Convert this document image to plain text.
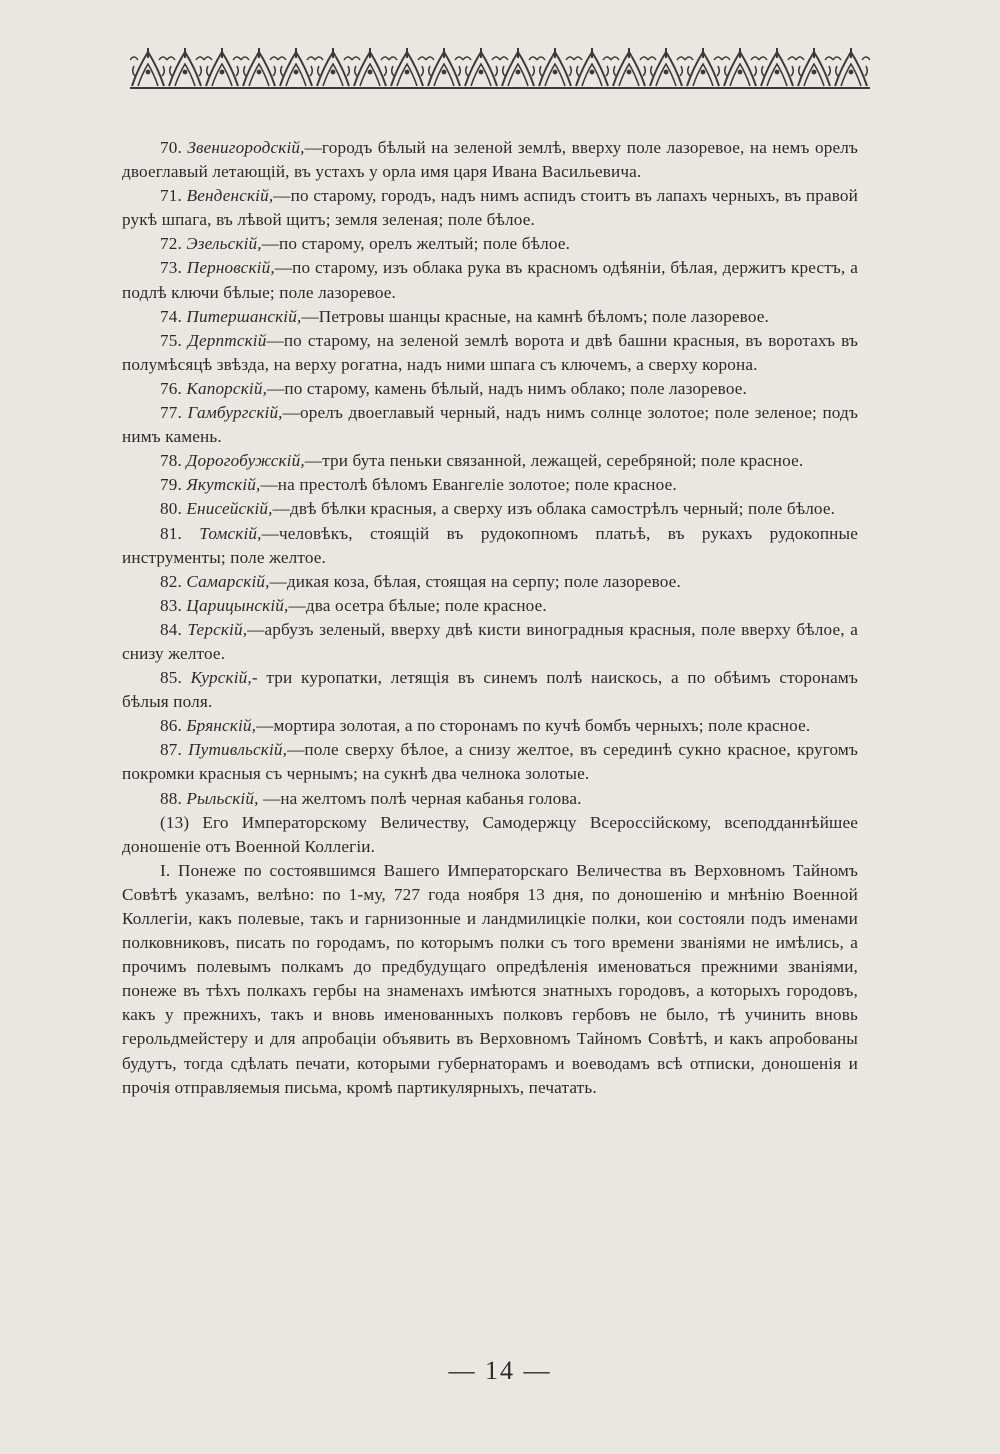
70. Звенигородскій,—городъ бѣлый на зеленой землѣ, вверху поле лазоревое, на немъ орелъ двоеглавый летающій, въ устахъ у орла имя царя Ивана Васильевича.

71. Венденскій,—по старому, городъ, надъ нимъ аспидъ стоитъ въ лапахъ черныхъ, въ правой рукѣ шпага, въ лѣвой щитъ; земля зеленая; поле бѣлое.

72. Эзельскій,—по старому, орелъ желтый; поле бѣлое.

73. Перновскій,—по старому, изъ облака рука въ красномъ одѣяніи, бѣлая, держитъ крестъ, а подлѣ ключи бѣлые; поле лазоревое.

74. Питершанскій,—Петровы шанцы красные, на камнѣ бѣломъ; поле лазоревое.

75. Дерптскій—по старому, на зеленой землѣ ворота и двѣ башни красныя, въ воротахъ въ полумѣсяцѣ звѣзда, на верху рогатна, надъ ними шпага съ ключемъ, а сверху корона.

76. Капорскій,—по старому, камень бѣлый, надъ нимъ облако; поле лазоревое.

77. Гамбургскій,—орелъ двоеглавый черный, надъ нимъ солнце золотое; поле зеленое; подъ нимъ камень.

78. Дорогобужскій,—три бута пеньки связанной, лежащей, серебряной; поле красное.

79. Якутскій,—на престолѣ бѣломъ Евангеліе золотое; поле красное.

80. Енисейскій,—двѣ бѣлки красныя, а сверху изъ облака самострѣлъ черный; поле бѣлое.

81. Томскій,—человѣкъ, стоящій въ рудокопномъ платьѣ, въ рукахъ рудокопные инструменты; поле желтое.

82. Самарскій,—дикая коза, бѣлая, стоящая на серпу; поле лазоревое.

83. Царицынскій,—два осетра бѣлые; поле красное.

84. Терскій,—арбузъ зеленый, вверху двѣ кисти виноградныя красныя, поле вверху бѣлое, а снизу желтое.

85. Курскій,- три куропатки, летящія въ синемъ полѣ наискось, а по обѣимъ сторонамъ бѣлыя поля.

86. Брянскій,—мортира золотая, а по сторонамъ по кучѣ бомбъ черныхъ; поле красное.

87. Путивльскій,—поле сверху бѣлое, а снизу желтое, въ серединѣ сукно красное, кругомъ покромки красныя съ чернымъ; на сукнѣ два челнока золотые.

88. Рыльскій, —на желтомъ полѣ черная кабанья голова.

(13) Его Императорскому Величеству, Самодержцу Всероссійскому, всеподданнѣйшее доношеніе отъ Военной Коллегіи.

І. Понеже по состоявшимся Вашего Императорскаго Величества въ Верховномъ Тайномъ Совѣтѣ указамъ, велѣно: по 1-му, 727 года ноября 13 дня, по доношенію и мнѣнію Военной Коллегіи, какъ полевые, такъ и гарнизонные и ландмилицкіе полки, кои состояли подъ именами полковниковъ, писать по городамъ, по которымъ полки съ того времени званіями не имѣлись, а прочимъ полевымъ полкамъ до предбудущаго опредѣленія именоваться прежними званіями, понеже въ тѣхъ полкахъ гербы на знаменахъ имѣются знатныхъ городовъ, а которыхъ городовъ, какъ у прежнихъ, такъ и вновь именованныхъ полковъ гербовъ не было, тѣ учинить вновь герольдмейстеру и для апробаціи объявить въ Верховномъ Тайномъ Совѣтѣ, и какъ апробованы будутъ, тогда сдѣлать печати, которыми губернаторамъ и воеводамъ всѣ отписки, доношенія и прочія отправляемыя письма, кромѣ партикулярныхъ, печатать.

— 14 —
